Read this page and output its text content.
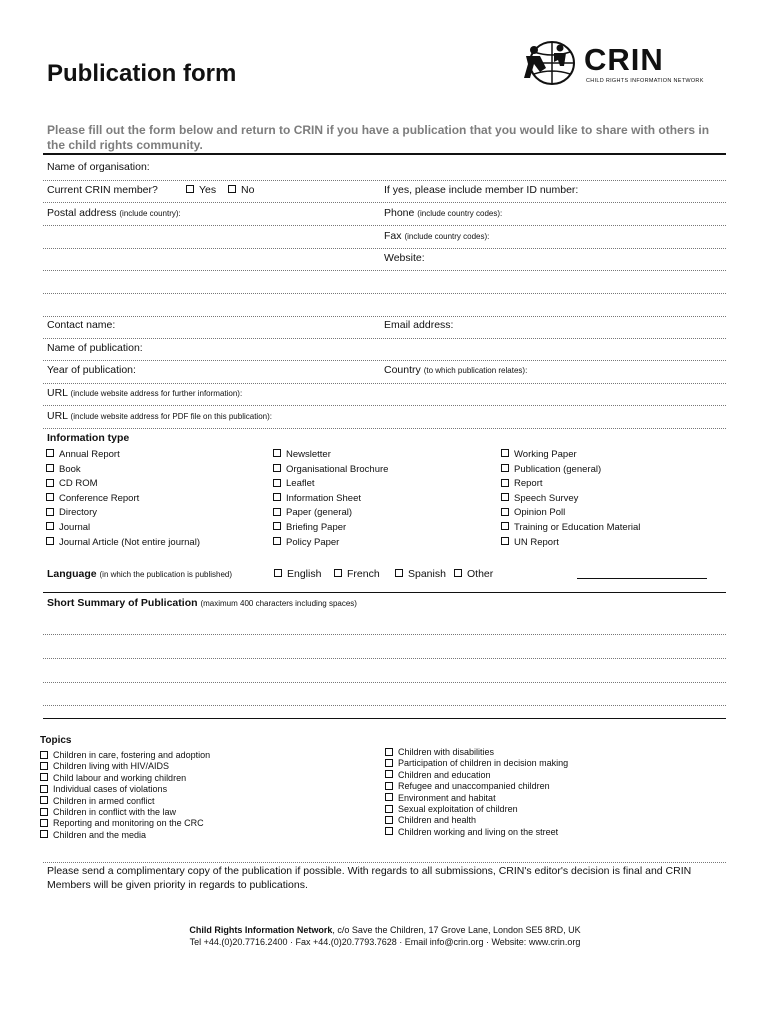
Publication form	CRIN
CHILD RIGHTS INFORMATION NETWORK
Please fill out the form below and return to CRIN if you have a publication that you would like to share with others in the child rights community.
Name of organisation:
Current CRIN member?	Yes	No	If yes, please include member ID number:
Postal address (include country):	Phone (include country codes):
Fax (include country codes):
Website:
Contact name:	Email address:
Name of publication:
Year of publication:	Country (to which publication relates):
URL (include website address for further information):
URL (include website address for PDF file on this publication):
Information type
Annual Report
Book
CD ROM
Conference Report
Directory
Journal
Journal Article (Not entire journal)
Newsletter
Organisational Brochure
Leaflet
Information Sheet
Paper (general)
Briefing Paper
Policy Paper
Working Paper
Publication (general)
Report
Speech Survey
Opinion Poll
Training or Education Material
UN Report
Language (in which the publication is published)	English	French	Spanish	Other
Short Summary of Publication (maximum 400 characters including spaces)
Topics
Children in care, fostering and adoption
Children living with HIV/AIDS
Child labour and working children
Individual cases of violations
Children in armed conflict
Children in conflict with the law
Reporting and monitoring on the CRC
Children and the media
Children with disabilities
Participation of children in decision making
Children and education
Refugee and unaccompanied children
Environment and habitat
Sexual exploitation of children
Children and health
Children working and living on the street
Please send a complimentary copy of the publication if possible. With regards to all submissions, CRIN's editor's decision is final and CRIN Members will be given priority in regards to publications.
Child Rights Information Network, c/o Save the Children, 17 Grove Lane, London SE5 8RD, UK
Tel +44.(0)20.7716.2400 · Fax +44.(0)20.7793.7628 · Email info@crin.org · Website: www.crin.org
